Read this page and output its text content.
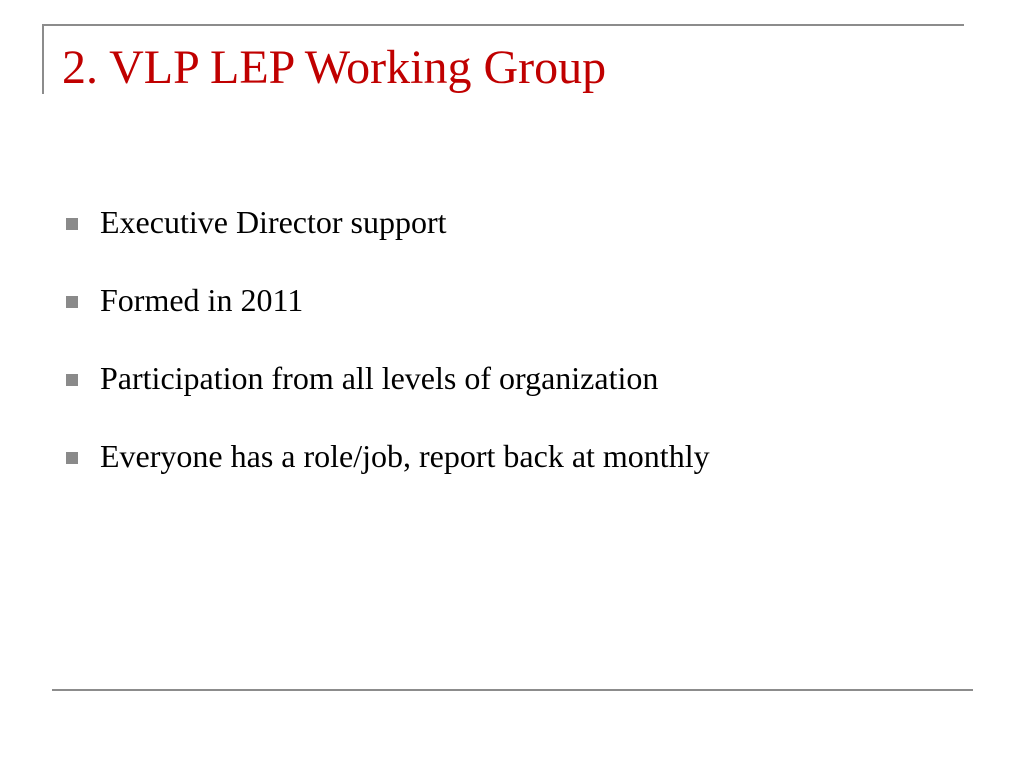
2. VLP LEP Working Group
Executive Director support
Formed in 2011
Participation from all levels of organization
Everyone has a role/job, report back at monthly
